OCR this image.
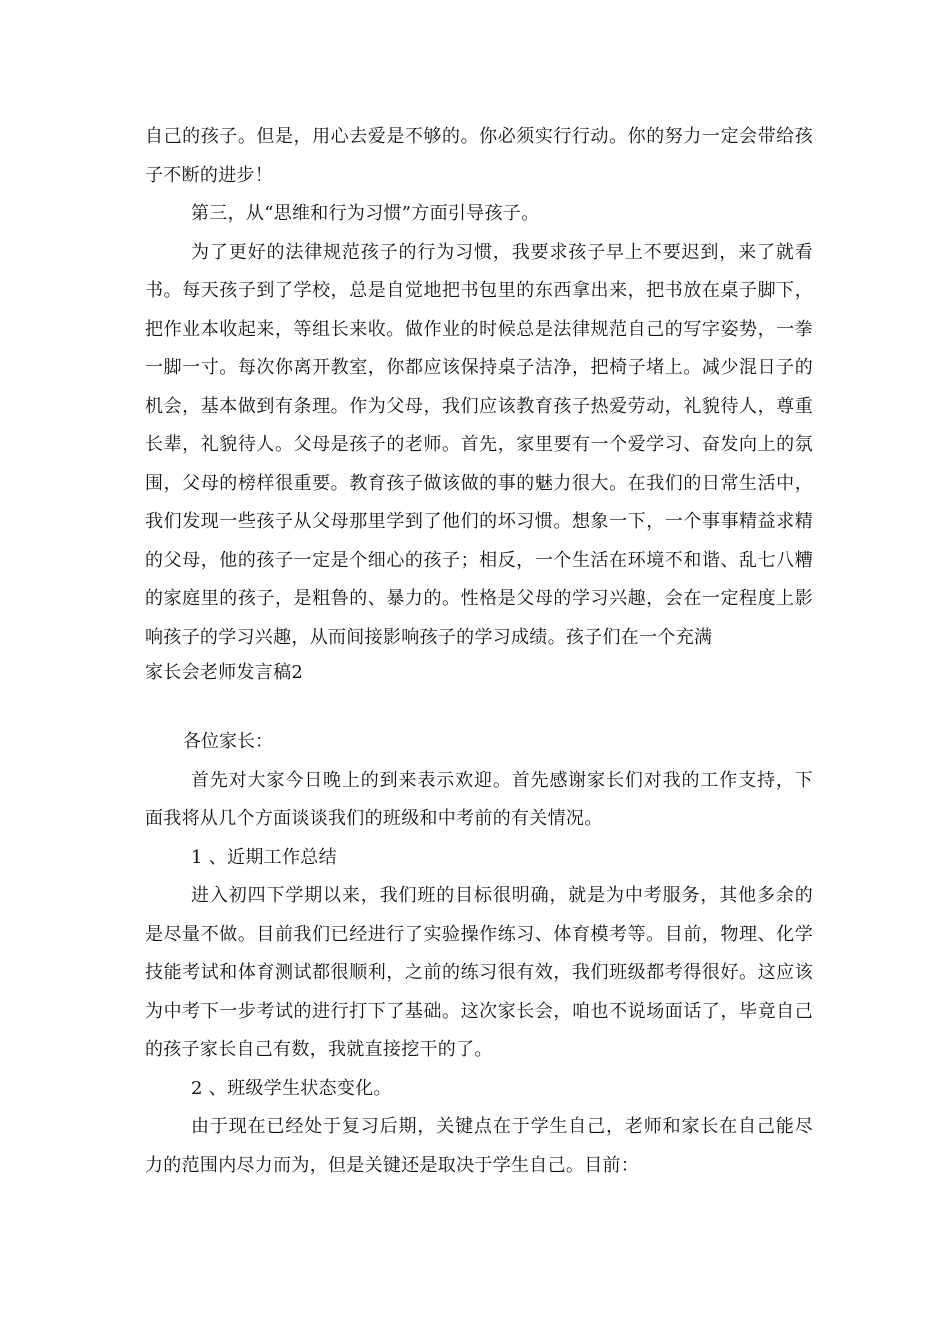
自己的孩子。但是，用心去爱是不够的。你必须实行行动。你的努力一定会带给孩子不断的进步！

第三，从“思维和行为习惯”方面引导孩子。

为了更好的法律规范孩子的行为习惯，我要求孩子早上不要迟到，来了就看书。每天孩子到了学校，总是自觉地把书包里的东西拿出来，把书放在桌子脚下，把作业本收起来，等组长来收。做作业的时候总是法律规范自己的写字姿势，一拳一脚一寸。每次你离开教室，你都应该保持桌子洁净，把椅子堵上。减少混日子的机会，基本做到有条理。作为父母，我们应该教育孩子热爱劳动，礼貌待人，尊重长辈，礼貌待人。父母是孩子的老师。首先，家里要有一个爱学习、奋发向上的氛围，父母的榜样很重要。教育孩子做该做的事的魅力很大。在我们的日常生活中，我们发现一些孩子从父母那里学到了他们的坏习惯。想象一下，一个事事精益求精的父母，他的孩子一定是个细心的孩子；相反，一个生活在环境不和谐、乱七八糟的家庭里的孩子，是粗鲁的、暴力的。性格是父母的学习兴趣，会在一定程度上影响孩子的学习兴趣，从而间接影响孩子的学习成绩。孩子们在一个充满

家长会老师发言稿2

各位家长：

首先对大家今日晚上的到来表示欢迎。首先感谢家长们对我的工作支持，下面我将从几个方面谈谈我们的班级和中考前的有关情况。

1 、近期工作总结

进入初四下学期以来，我们班的目标很明确，就是为中考服务，其他多余的是尽量不做。目前我们已经进行了实验操作练习、体育模考等。目前，物理、化学技能考试和体育测试都很顺利，之前的练习很有效，我们班级都考得很好。这应该为中考下一步考试的进行打下了基础。这次家长会，咱也不说场面话了，毕竟自己的孩子家长自己有数，我就直接挖干的了。

2 、班级学生状态变化。

由于现在已经处于复习后期，关键点在于学生自己，老师和家长在自己能尽力的范围内尽力而为，但是关键还是取决于学生自己。目前：
